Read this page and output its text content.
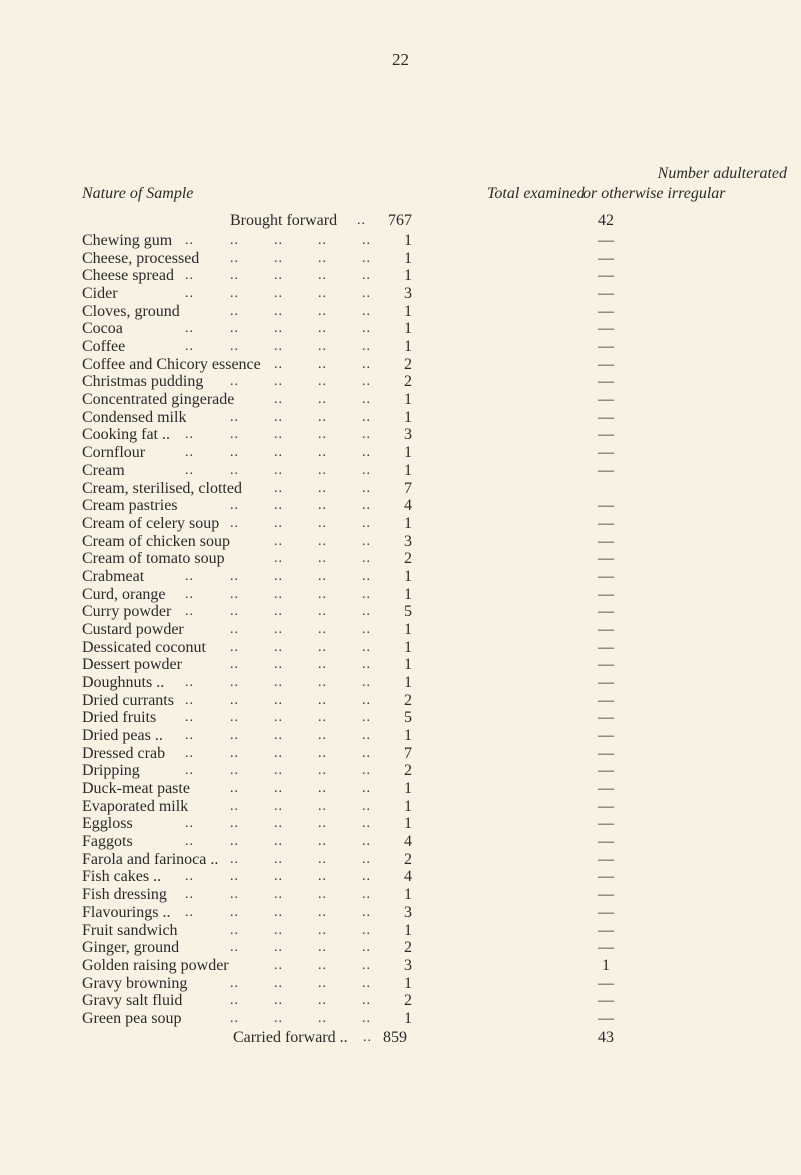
22
Number adulterated
Nature of Sample	Total examined
or otherwise irregular
Brought forward ..	767	42
Chewing gum	1	—
..	..	..	..	..
Cheese, processed	1	—
..	..	..	..
Cheese spread	1	—
..	..	..	..	..
Cider	3	—
..	..	..	..	..
Cloves, ground	1	—
..	..	..	..
Cocoa	1	—
..	..	..	..	..
Coffee	1	—
..	..	..	..	..
Coffee and Chicory essence	2	—
..	..	..
Christmas pudding	2	—
..	..	..	..
Concentrated gingerade	1	—
..	..	..
Condensed milk	1	—
..	..	..	..
Cooking fat ..	3	—
..	..	..	..	..
Cornflour	1	—
..	..	..	..	..
Cream	1	—
..	..	..	..	..
Cream, sterilised, clotted	7
..	..	..
Cream pastries	4	—
..	..	..	..
Cream of celery soup	1	—
..	..	..	..
Cream of chicken soup	3	—
..	..	..
Cream of tomato soup	2	—
..	..	..
Crabmeat	1	—
..	..	..	..	..
Curd, orange	1	—
..	..	..	..	..
Curry powder	5	—
..	..	..	..	..
Custard powder	1	—
..	..	..	..
Dessicated coconut	1	—
..	..	..	..
Dessert powder	1	—
..	..	..	..
Doughnuts ..	1	—
..	..	..	..	..
Dried currants	2	—
..	..	..	..	..
Dried fruits	5	—
..	..	..	..	..
Dried peas ..	1	—
..	..	..	..	..
Dressed crab	7	—
..	..	..	..	..
Dripping	2	—
..	..	..	..	..
Duck-meat paste	1	—
..	..	..	..
Evaporated milk	1	—
..	..	..	..
Eggloss	1	—
..	..	..	..	..
Faggots	4	—
..	..	..	..	..
Farola and farinoca ..	2	—
..	..	..	..
Fish cakes ..	4	—
..	..	..	..	..
Fish dressing	1	—
..	..	..	..	..
Flavourings ..	3	—
..	..	..	..	..
Fruit sandwich	1	—
..	..	..	..
Ginger, ground	2	—
..	..	..	..
Golden raising powder	3	1
..	..	..
Gravy browning	1	—
..	..	..	..
Gravy salt fluid	2	—
..	..	..	..
Green pea soup	1	—
..	..	..	..
Carried forward .. .. 859	43
